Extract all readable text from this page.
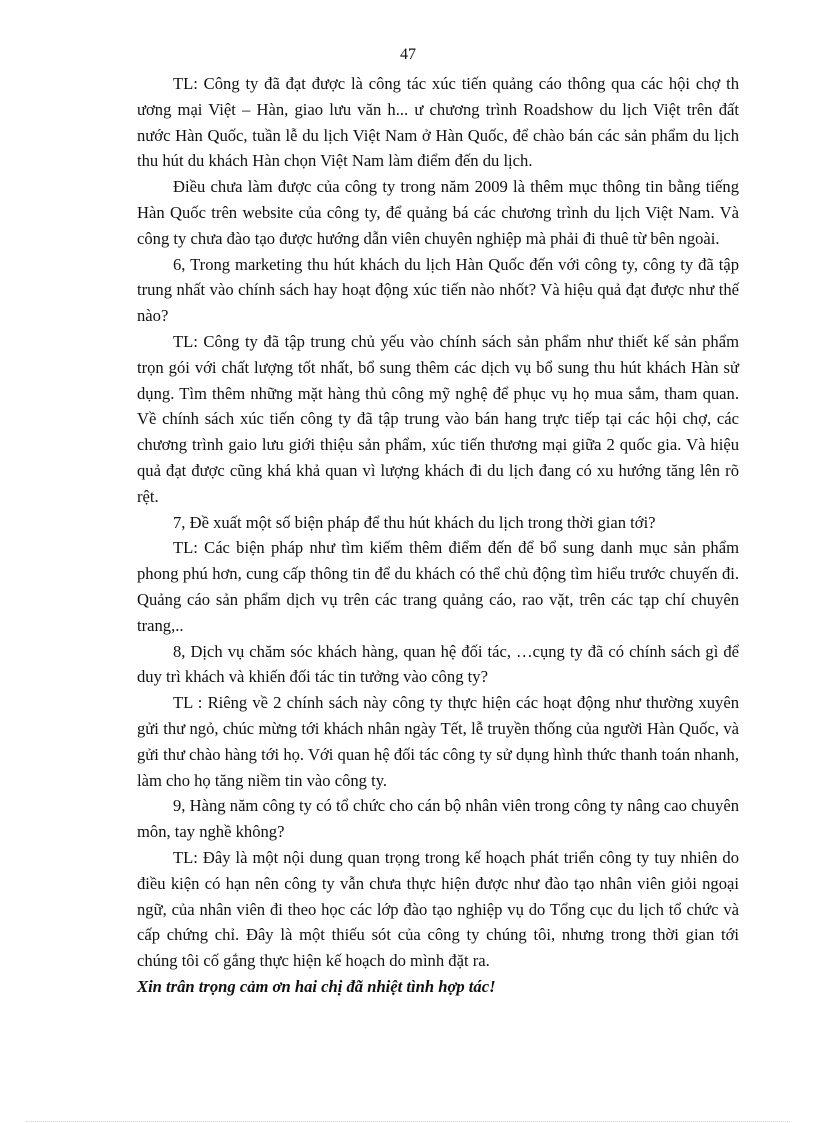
47

TL: Công ty đã đạt được là công tác xúc tiến quảng cáo thông qua các hội chợ th ương mại Việt – Hàn, giao lưu văn h... ư chương trình Roadshow du lịch Việt trên đất nước Hàn Quốc, tuần lễ du lịch Việt Nam ở Hàn Quốc, để chào bán các sản phẩm du lịch thu hút du khách Hàn chọn Việt Nam làm điểm đến du lịch.

Điều chưa làm được của công ty trong năm 2009 là thêm mục thông tin bằng tiếng Hàn Quốc trên website của công ty, để quảng bá các chương trình du lịch Việt Nam. Và công ty chưa đào tạo được hướng dẫn viên chuyên nghiệp mà phải đi thuê từ bên ngoài.

6, Trong marketing thu hút khách du lịch Hàn Quốc đến với công ty, công ty đã tập trung nhất vào chính sách hay hoạt động xúc tiến nào nhốt? Và hiệu quả đạt được như thế nào?

TL: Công ty đã tập trung chủ yếu vào chính sách sản phẩm như thiết kế sản phẩm trọn gói với chất lượng tốt nhất, bổ sung thêm các dịch vụ bổ sung thu hút khách Hàn sử dụng. Tìm thêm những mặt hàng thủ công mỹ nghệ để phục vụ họ mua sắm, tham quan. Về chính sách xúc tiến công ty đã tập trung vào bán hang trực tiếp tại các hội chợ, các chương trình gaio lưu giới thiệu sản phẩm, xúc tiến thương mại giữa 2 quốc gia. Và hiệu quả đạt được cũng khá khả quan vì lượng khách đi du lịch đang có xu hướng tăng lên rõ rệt.

7, Đề xuất một số biện pháp để thu hút khách du lịch trong thời gian tới?

TL: Các biện pháp như tìm kiếm thêm điểm đến để bổ sung danh mục sản phẩm phong phú hơn, cung cấp thông tin để du khách có thể chủ động tìm hiểu trước chuyến đi. Quảng cáo sản phẩm dịch vụ trên các trang quảng cáo, rao vặt, trên các tạp chí chuyên trang,..

8, Dịch vụ chăm sóc khách hàng, quan hệ đối tác, …cụng ty đã có chính sách gì để duy trì khách và khiến đối tác tin tưởng vào công ty?

TL : Riêng về 2 chính sách này công ty thực hiện các hoạt động như thường xuyên gửi thư ngỏ, chúc mừng tới khách nhân ngày Tết, lễ truyền thống của người Hàn Quốc, và gửi thư chào hàng tới họ. Với quan hệ đối tác công ty sử dụng hình thức thanh toán nhanh, làm cho họ tăng niềm tin vào công ty.

9, Hàng năm công ty có tổ chức cho cán bộ nhân viên trong công ty nâng cao chuyên môn, tay nghề không?

TL: Đây là một nội dung quan trọng trong kế hoạch phát triển công ty tuy nhiên do điều kiện có hạn nên công ty vẫn chưa thực hiện được như đào tạo nhân viên giỏi ngoại ngữ, của nhân viên đi theo học các lớp đào tạo nghiệp vụ do Tổng cục du lịch tổ chức và cấp chứng chỉ. Đây là một thiếu sót của công ty chúng tôi, nhưng trong thời gian tới chúng tôi cố gắng thực hiện kế hoạch do mình đặt ra.

Xin trân trọng cảm ơn hai chị đã nhiệt tình hợp tác!
